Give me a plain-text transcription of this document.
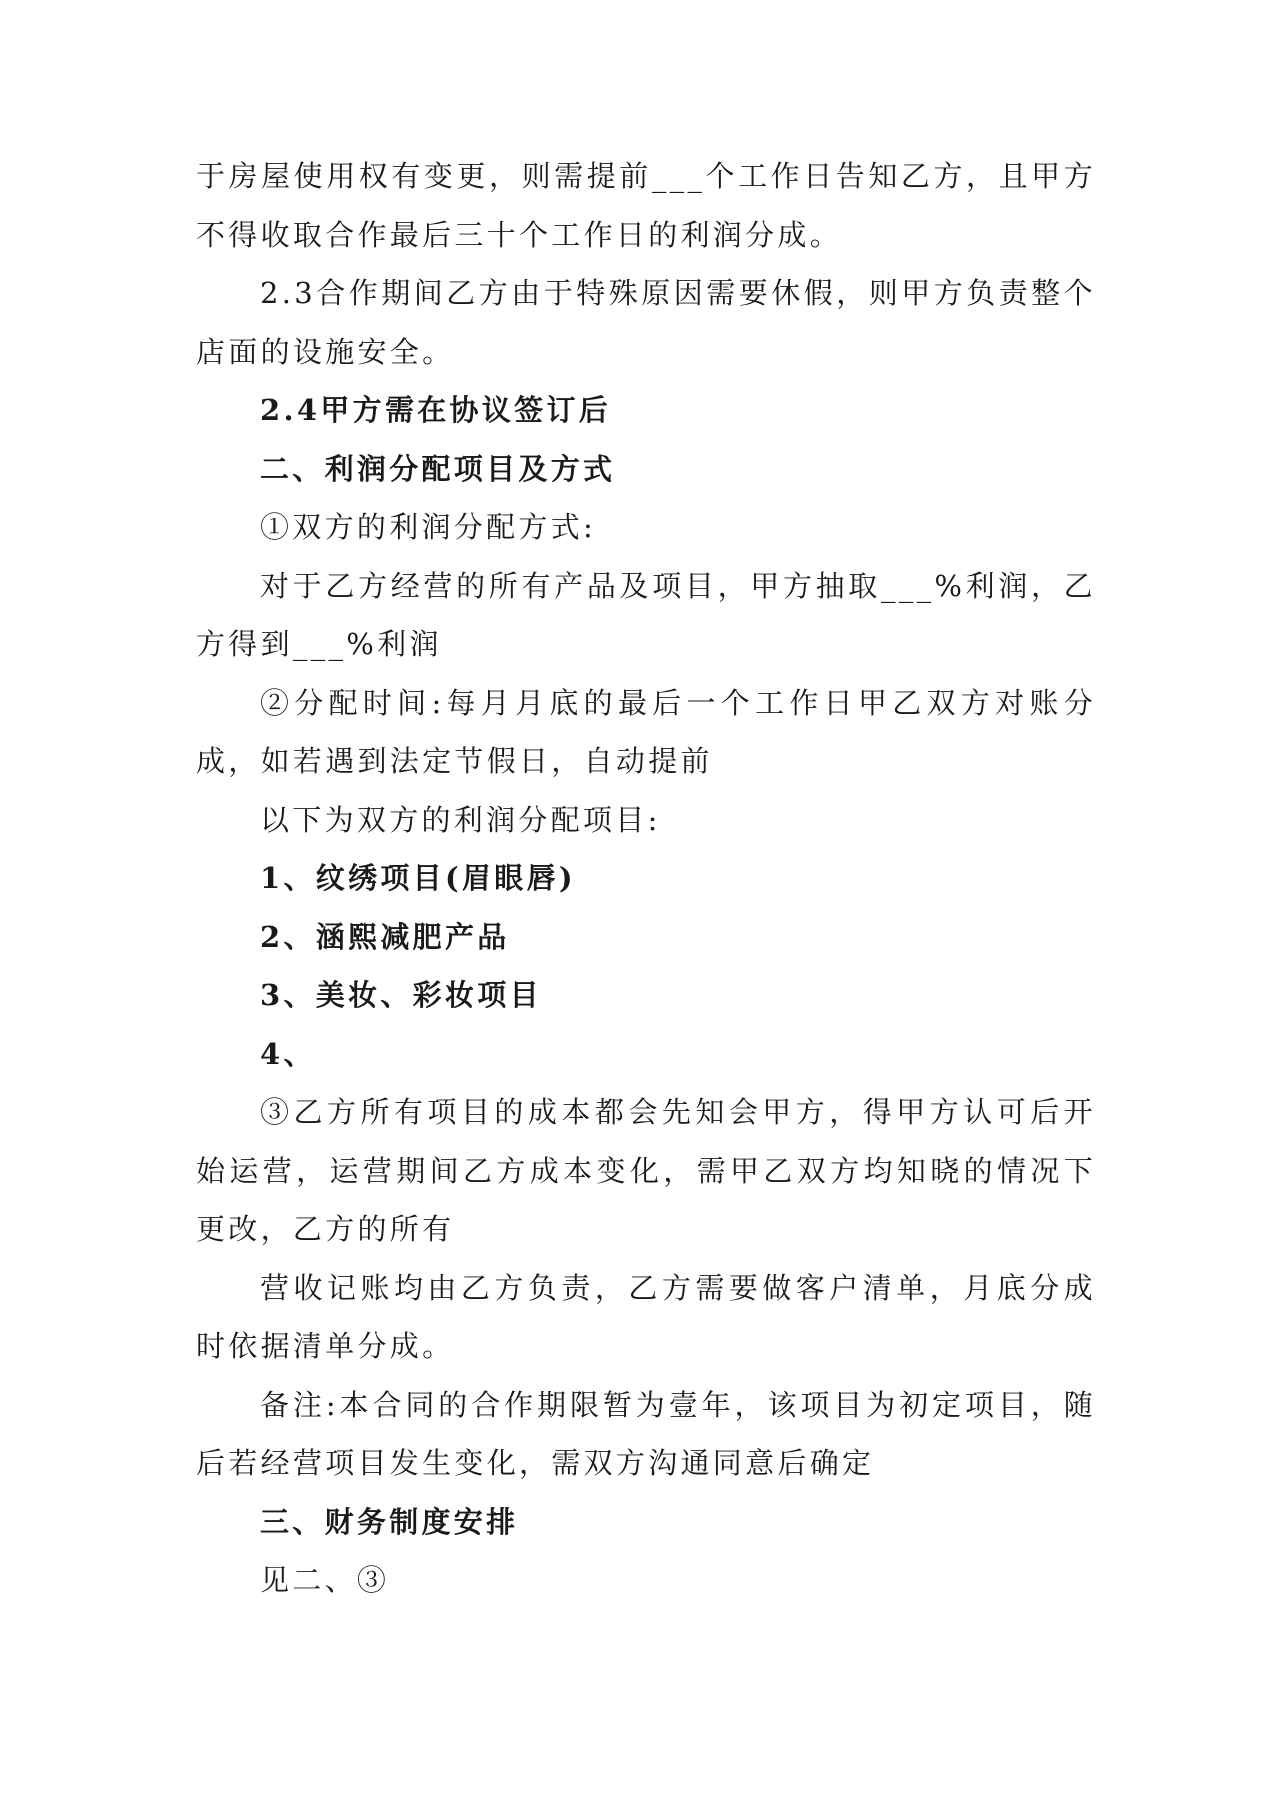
于房屋使用权有变更，则需提前___个工作日告知乙方，且甲方不得收取合作最后三十个工作日的利润分成。

2.3合作期间乙方由于特殊原因需要休假，则甲方负责整个店面的设施安全。

2.4甲方需在协议签订后

二、利润分配项目及方式

①双方的利润分配方式:

对于乙方经营的所有产品及项目，甲方抽取___%利润，乙方得到___%利润

②分配时间:每月月底的最后一个工作日甲乙双方对账分成，如若遇到法定节假日，自动提前

以下为双方的利润分配项目:

1、纹绣项目(眉眼唇)

2、涵熙减肥产品

3、美妆、彩妆项目

4、

③乙方所有项目的成本都会先知会甲方，得甲方认可后开始运营，运营期间乙方成本变化，需甲乙双方均知晓的情况下更改，乙方的所有

营收记账均由乙方负责，乙方需要做客户清单，月底分成时依据清单分成。

备注:本合同的合作期限暂为壹年，该项目为初定项目，随后若经营项目发生变化，需双方沟通同意后确定

三、财务制度安排

见二、③
